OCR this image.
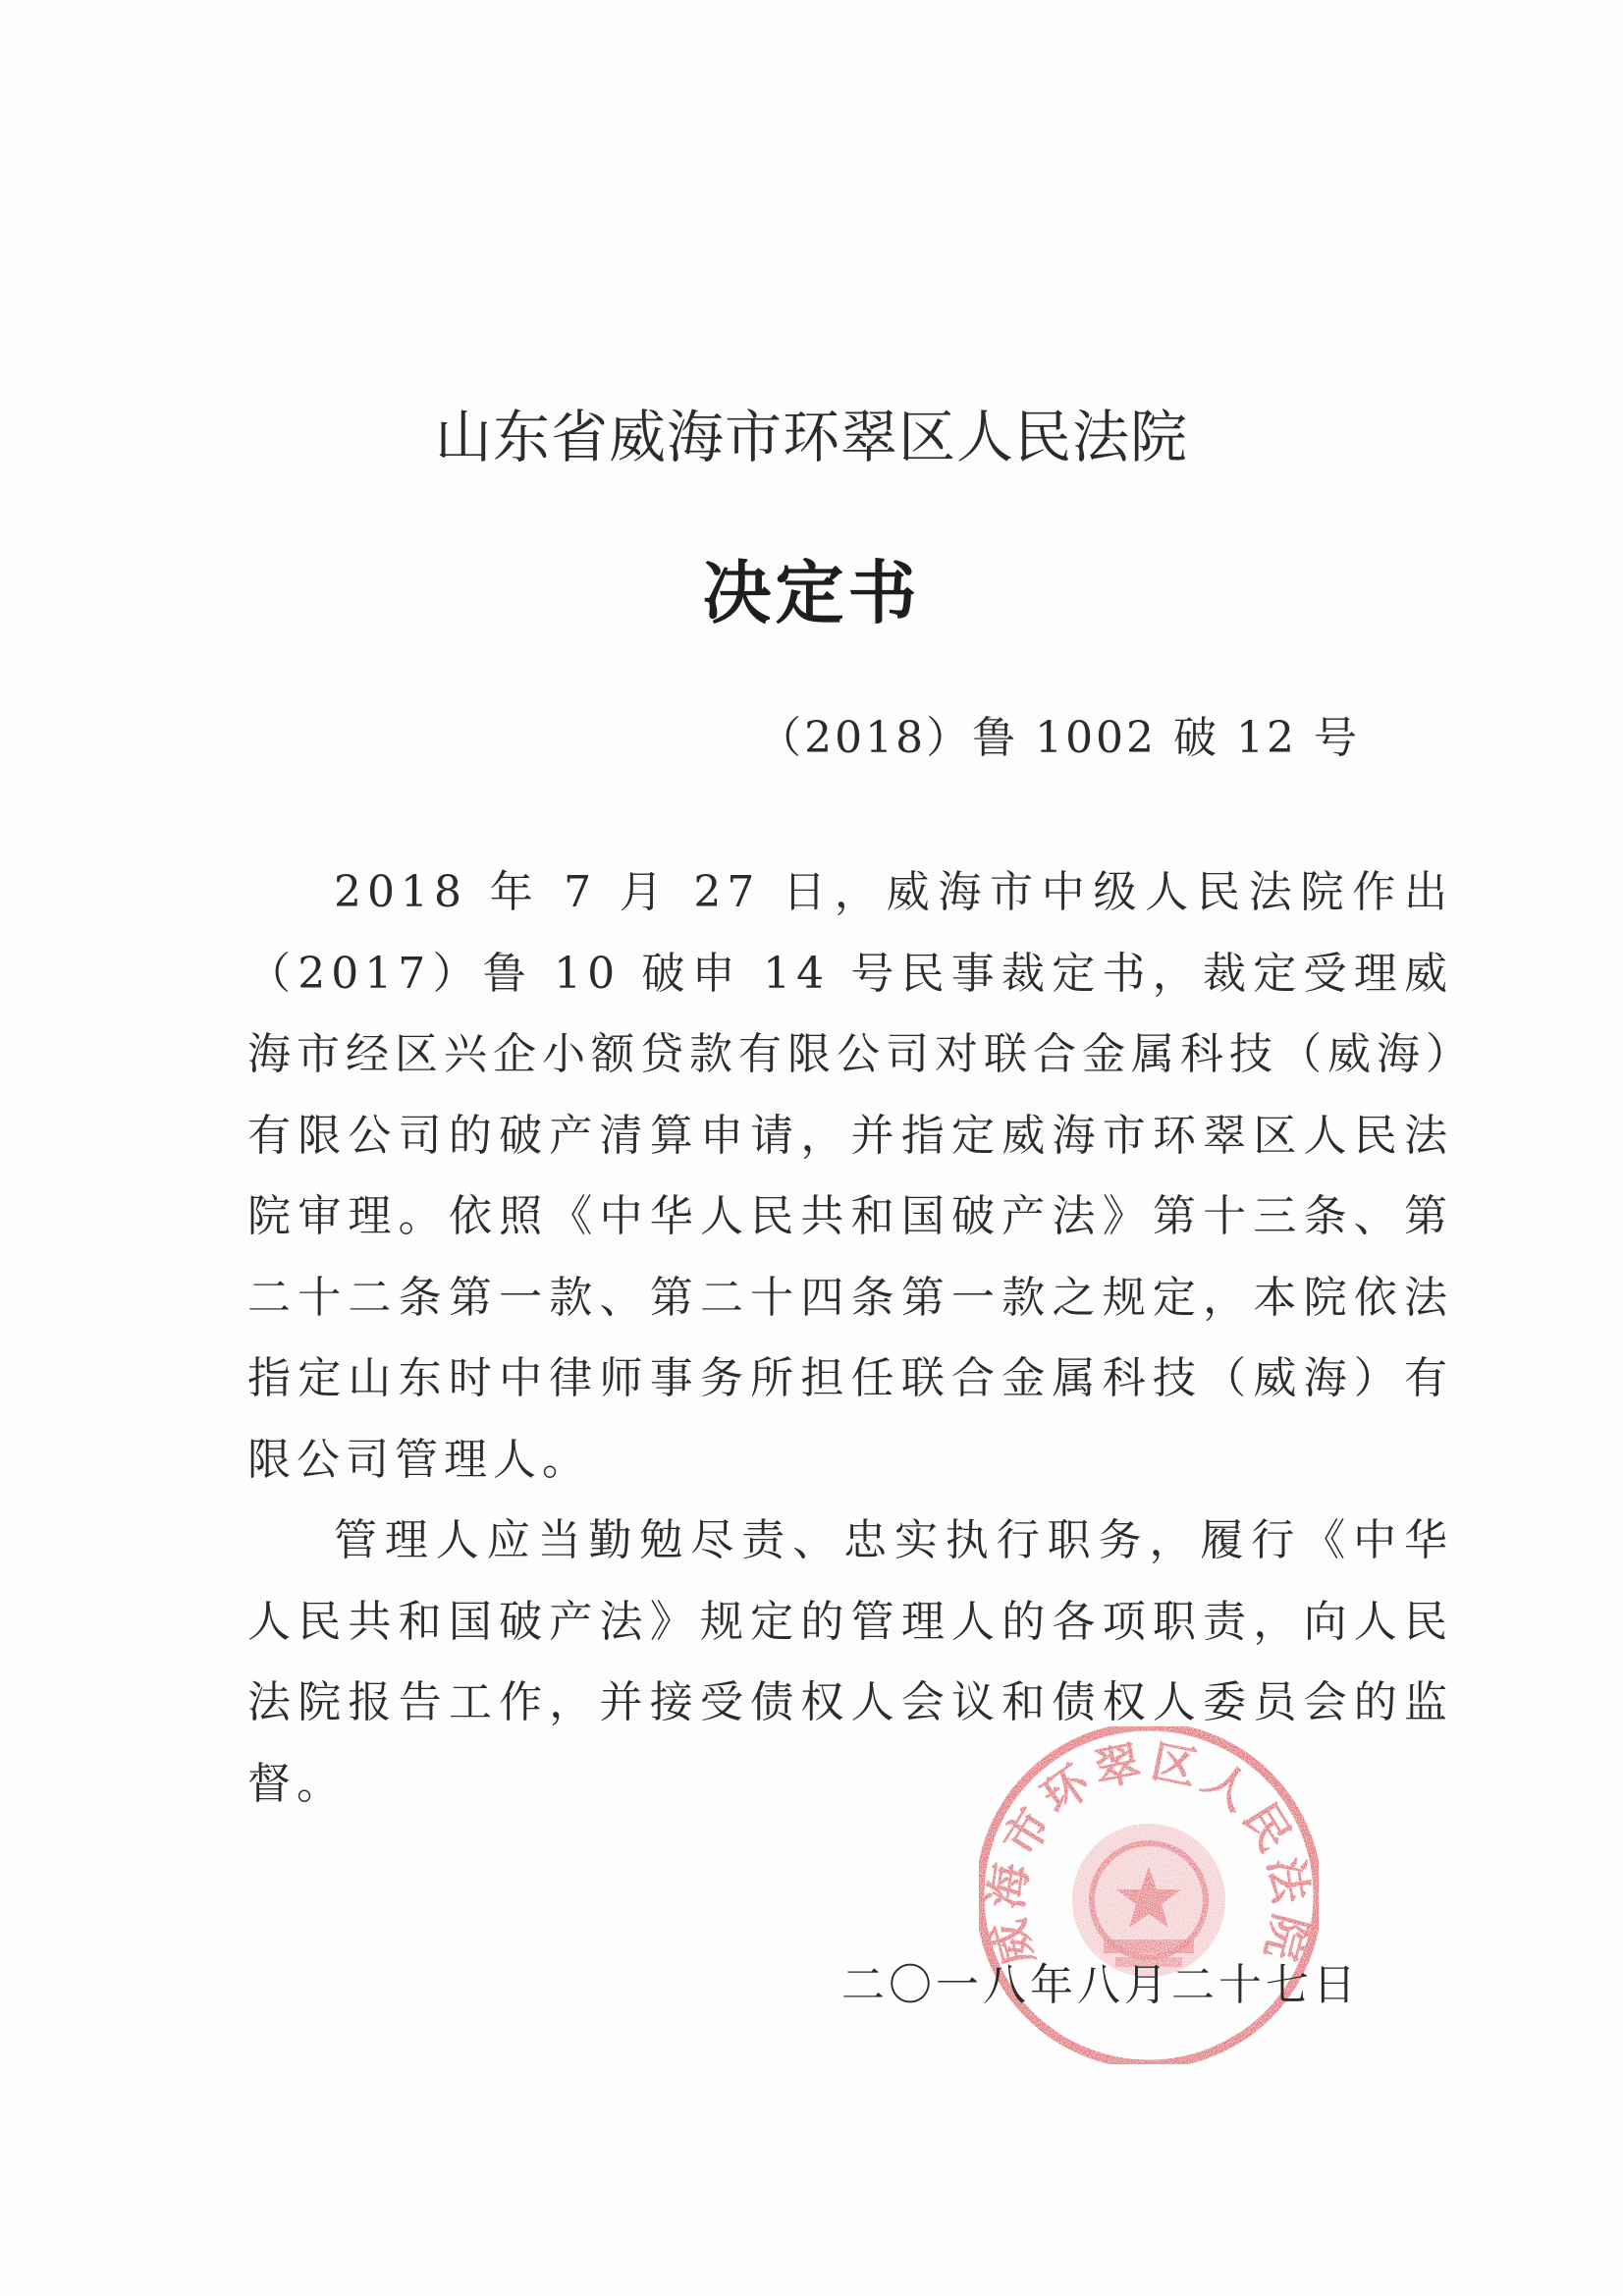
山东省威海市环翠区人民法院
决定书
（2018）鲁 1002 破 12 号

2018 年 7 月 27 日，威海市中级人民法院作出（2017）鲁 10 破申 14 号民事裁定书，裁定受理威海市经区兴企小额贷款有限公司对联合金属科技（威海）有限公司的破产清算申请，并指定威海市环翠区人民法院审理。依照《中华人民共和国破产法》第十三条、第二十二条第一款、第二十四条第一款之规定，本院依法指定山东时中律师事务所担任联合金属科技（威海）有限公司管理人。

管理人应当勤勉尽责、忠实执行职务，履行《中华人民共和国破产法》规定的管理人的各项职责，向人民法院报告工作，并接受债权人会议和债权人委员会的监督。

威海市环翠区人民法院
二〇一八年八月二十七日
